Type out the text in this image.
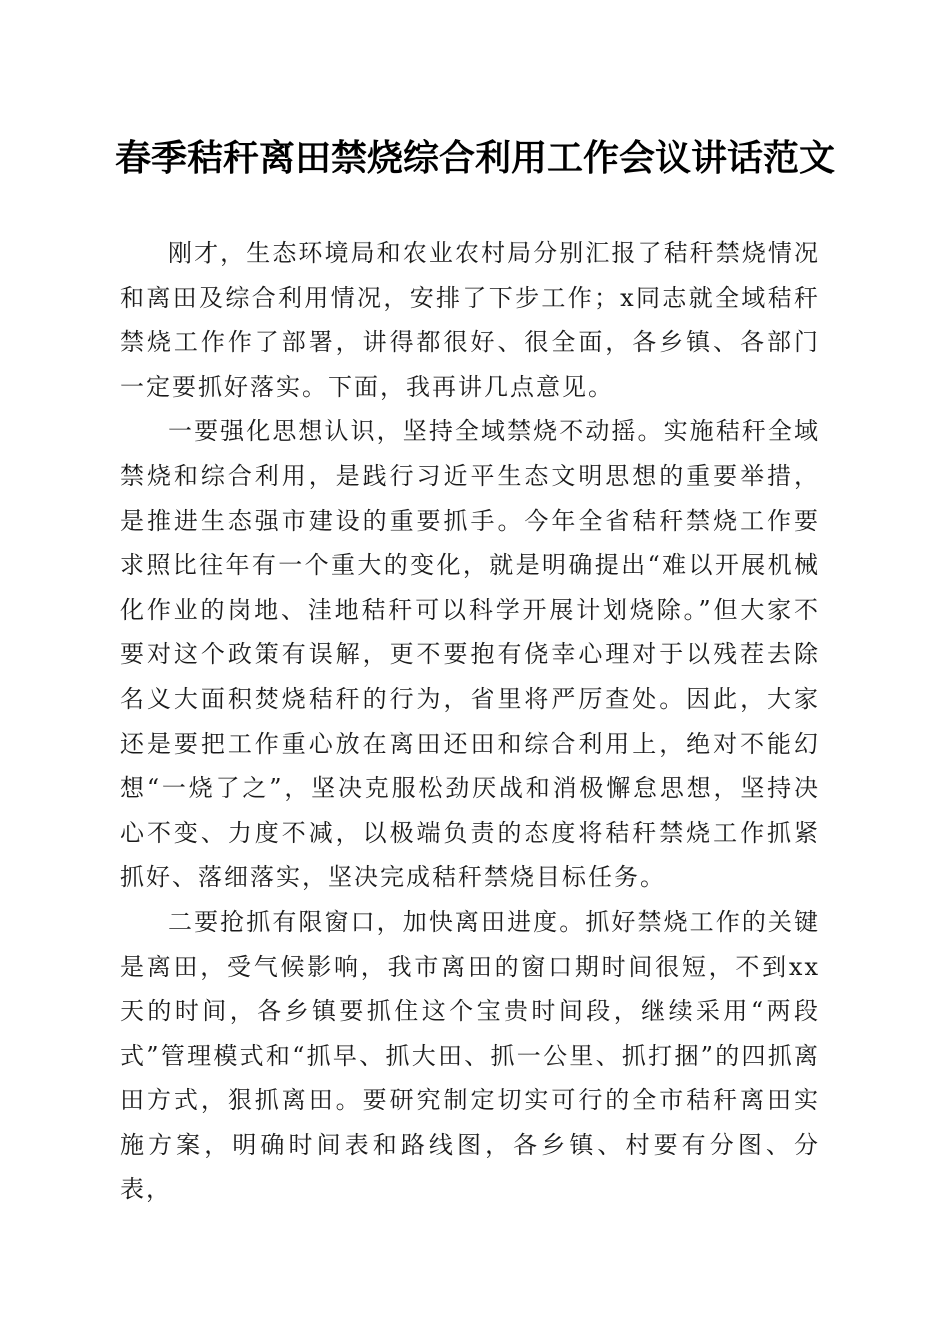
春季秸秆离田禁烧综合利用工作会议讲话范文

刚才，生态环境局和农业农村局分别汇报了秸秆禁烧情况和离田及综合利用情况，安排了下步工作；x同志就全域秸秆禁烧工作作了部署，讲得都很好、很全面，各乡镇、各部门一定要抓好落实。下面，我再讲几点意见。

一要强化思想认识，坚持全域禁烧不动摇。实施秸秆全域禁烧和综合利用，是践行习近平生态文明思想的重要举措，是推进生态强市建设的重要抓手。今年全省秸秆禁烧工作要求照比往年有一个重大的变化，就是明确提出“难以开展机械化作业的岗地、洼地秸秆可以科学开展计划烧除。”但大家不要对这个政策有误解，更不要抱有侥幸心理对于以残茬去除名义大面积焚烧秸秆的行为，省里将严厉查处。因此，大家还是要把工作重心放在离田还田和综合利用上，绝对不能幻想“一烧了之”，坚决克服松劲厌战和消极懈怠思想，坚持决心不变、力度不减，以极端负责的态度将秸秆禁烧工作抓紧抓好、落细落实，坚决完成秸秆禁烧目标任务。

二要抢抓有限窗口，加快离田进度。抓好禁烧工作的关键是离田，受气候影响，我市离田的窗口期时间很短，不到xx天的时间，各乡镇要抓住这个宝贵时间段，继续采用“两段式”管理模式和“抓早、抓大田、抓一公里、抓打捆”的四抓离田方式，狠抓离田。要研究制定切实可行的全市秸秆离田实施方案，明确时间表和路线图，各乡镇、村要有分图、分表，
